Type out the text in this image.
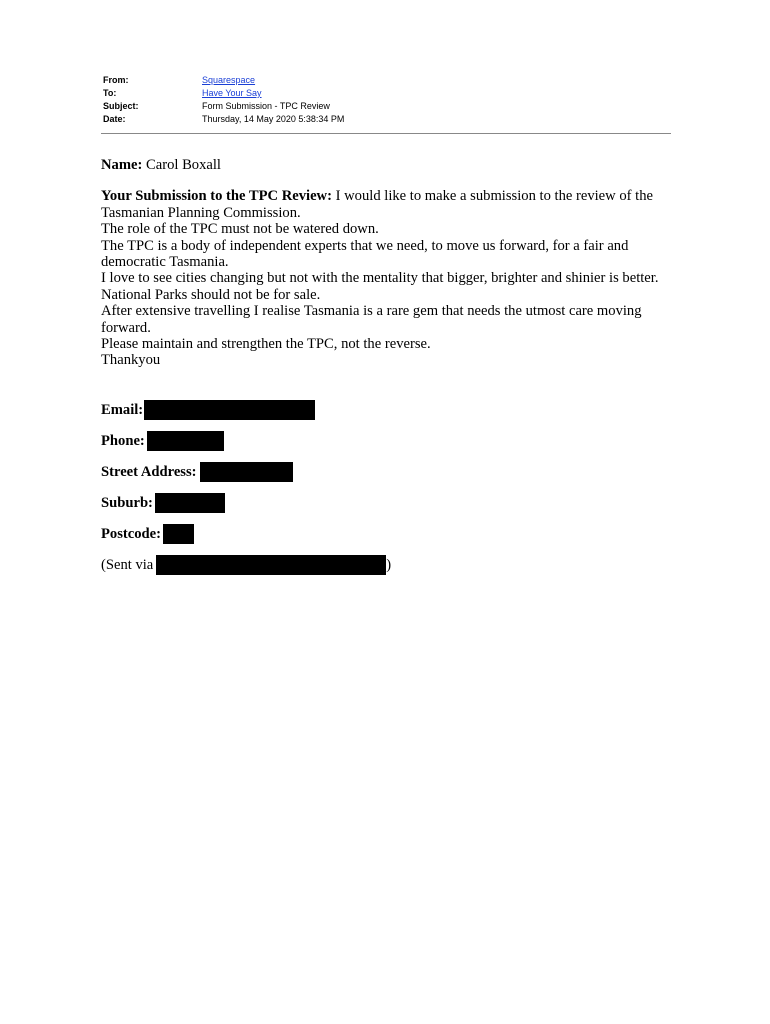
From:	Squarespace
To:	Have Your Say
Subject:	Form Submission - TPC Review
Date:	Thursday, 14 May 2020 5:38:34 PM

Name: Carol Boxall

Your Submission to the TPC Review: I would like to make a submission to the review of the Tasmanian Planning Commission.

The role of the TPC must not be watered down.

The TPC is a body of independent experts that we need, to move us forward, for a fair and democratic Tasmania.

I love to see cities changing but not with the mentality that bigger, brighter and shinier is better.

National Parks should not be for sale.

After extensive travelling I realise Tasmania is a rare gem that needs the utmost care moving forward.

Please maintain and strengthen the TPC, not the reverse.

Thankyou

Email:
Phone:
Street Address:
Suburb:
Postcode:
(Sent via	)
